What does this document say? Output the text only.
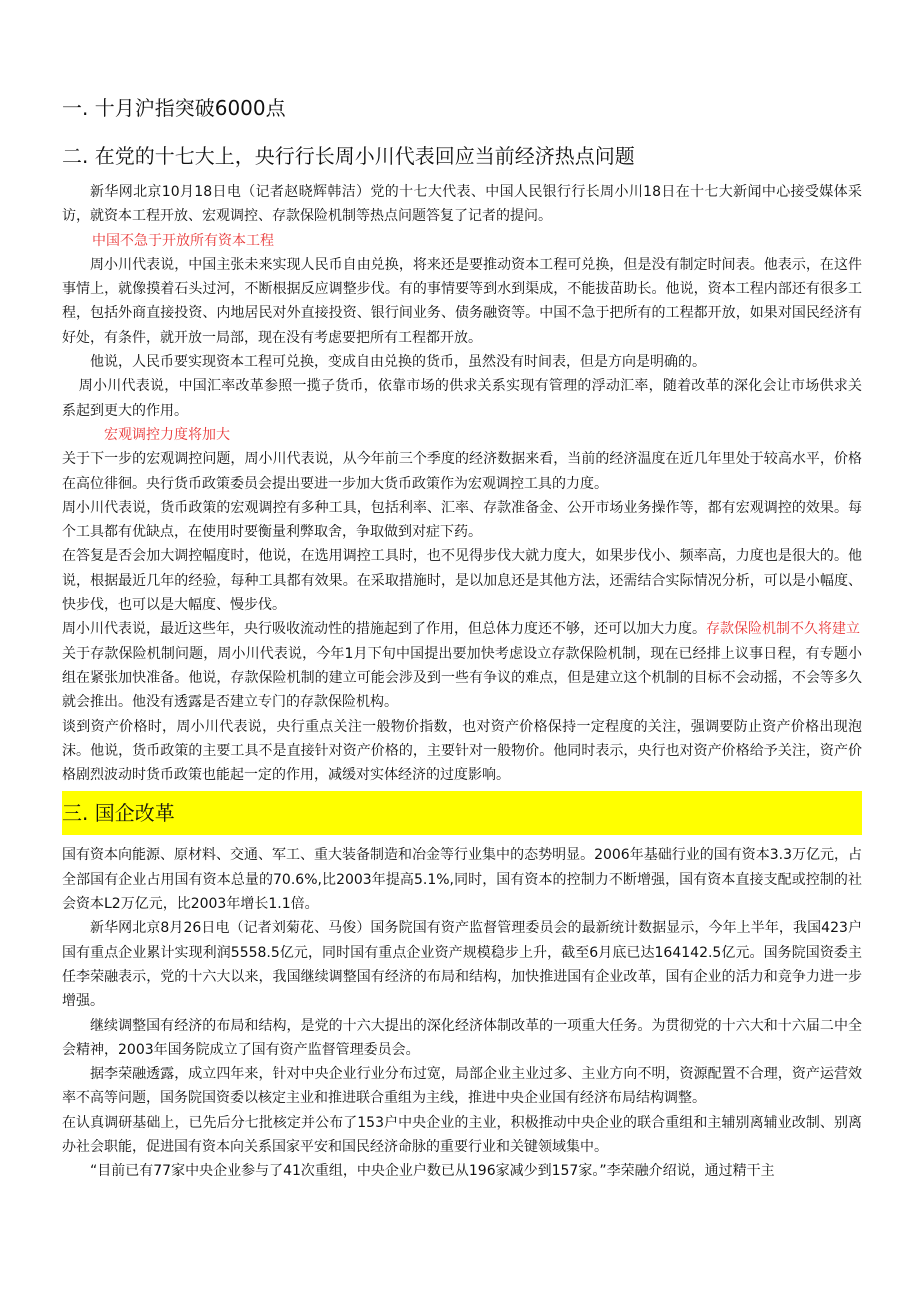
一. 十月沪指突破6000点
二. 在党的十七大上，央行行长周小川代表回应当前经济热点问题

新华网北京10月18日电（记者赵晓辉韩洁）党的十七大代表、中国人民银行行长周小川18日在十七大新闻中心接受媒体采访，就资本工程开放、宏观调控、存款保险机制等热点问题答复了记者的提问。

中国不急于开放所有资本工程

周小川代表说，中国主张未来实现人民币自由兑换，将来还是要推动资本工程可兑换，但是没有制定时间表。他表示，在这件事情上，就像摸着石头过河，不断根据反应调整步伐。有的事情要等到水到渠成，不能拔苗助长。他说，资本工程内部还有很多工程，包括外商直接投资、内地居民对外直接投资、银行间业务、债务融资等。中国不急于把所有的工程都开放，如果对国民经济有好处，有条件，就开放一局部，现在没有考虑要把所有工程都开放。

他说，人民币要实现资本工程可兑换，变成自由兑换的货币，虽然没有时间表，但是方向是明确的。

周小川代表说，中国汇率改革参照一揽子货币，依靠市场的供求关系实现有管理的浮动汇率，随着改革的深化会让市场供求关系起到更大的作用。

宏观调控力度将加大

关于下一步的宏观调控问题，周小川代表说，从今年前三个季度的经济数据来看，当前的经济温度在近几年里处于较高水平，价格在高位徘徊。央行货币政策委员会提出要进一步加大货币政策作为宏观调控工具的力度。

周小川代表说，货币政策的宏观调控有多种工具，包括利率、汇率、存款准备金、公开市场业务操作等，都有宏观调控的效果。每个工具都有优缺点，在使用时要衡量利弊取舍，争取做到对症下药。

在答复是否会加大调控幅度时，他说，在选用调控工具时，也不见得步伐大就力度大，如果步伐小、频率高，力度也是很大的。他说，根据最近几年的经验，每种工具都有效果。在采取措施时，是以加息还是其他方法，还需结合实际情况分析，可以是小幅度、快步伐，也可以是大幅度、慢步伐。

周小川代表说，最近这些年，央行吸收流动性的措施起到了作用，但总体力度还不够，还可以加大力度。存款保险机制不久将建立

关于存款保险机制问题，周小川代表说，今年1月下旬中国提出要加快考虑设立存款保险机制，现在已经排上议事日程，有专题小组在紧张加快准备。他说，存款保险机制的建立可能会涉及到一些有争议的难点，但是建立这个机制的目标不会动摇，不会等多久就会推出。他没有透露是否建立专门的存款保险机构。

谈到资产价格时，周小川代表说，央行重点关注一般物价指数，也对资产价格保持一定程度的关注，强调要防止资产价格出现泡沫。他说，货币政策的主要工具不是直接针对资产价格的，主要针对一般物价。他同时表示，央行也对资产价格给予关注，资产价格剧烈波动时货币政策也能起一定的作用，减缓对实体经济的过度影响。

三. 国企改革

国有资本向能源、原材料、交通、军工、重大装备制造和冶金等行业集中的态势明显。2006年基础行业的国有资本3.3万亿元，占全部国有企业占用国有资本总量的70.6%,比2003年提高5.1%,同时，国有资本的控制力不断增强，国有资本直接支配或控制的社会资本L2万亿元，比2003年增长1.1倍。

新华网北京8月26日电（记者刘菊花、马俊）国务院国有资产监督管理委员会的最新统计数据显示，今年上半年，我国423户国有重点企业累计实现利润5558.5亿元，同时国有重点企业资产规模稳步上升，截至6月底已达164142.5亿元。国务院国资委主任李荣融表示，党的十六大以来，我国继续调整国有经济的布局和结构，加快推进国有企业改革，国有企业的活力和竞争力进一步增强。

继续调整国有经济的布局和结构，是党的十六大提出的深化经济体制改革的一项重大任务。为贯彻党的十六大和十六届二中全会精神，2003年国务院成立了国有资产监督管理委员会。

据李荣融透露，成立四年来，针对中央企业行业分布过宽，局部企业主业过多、主业方向不明，资源配置不合理，资产运营效率不高等问题，国务院国资委以核定主业和推进联合重组为主线，推进中央企业国有经济布局结构调整。

在认真调研基础上，已先后分七批核定并公布了153户中央企业的主业，积极推动中央企业的联合重组和主辅别离辅业改制、别离办社会职能，促进国有资本向关系国家平安和国民经济命脉的重要行业和关键领域集中。

“目前已有77家中央企业参与了41次重组，中央企业户数已从196家减少到157家。”李荣融介绍说，通过精干主
